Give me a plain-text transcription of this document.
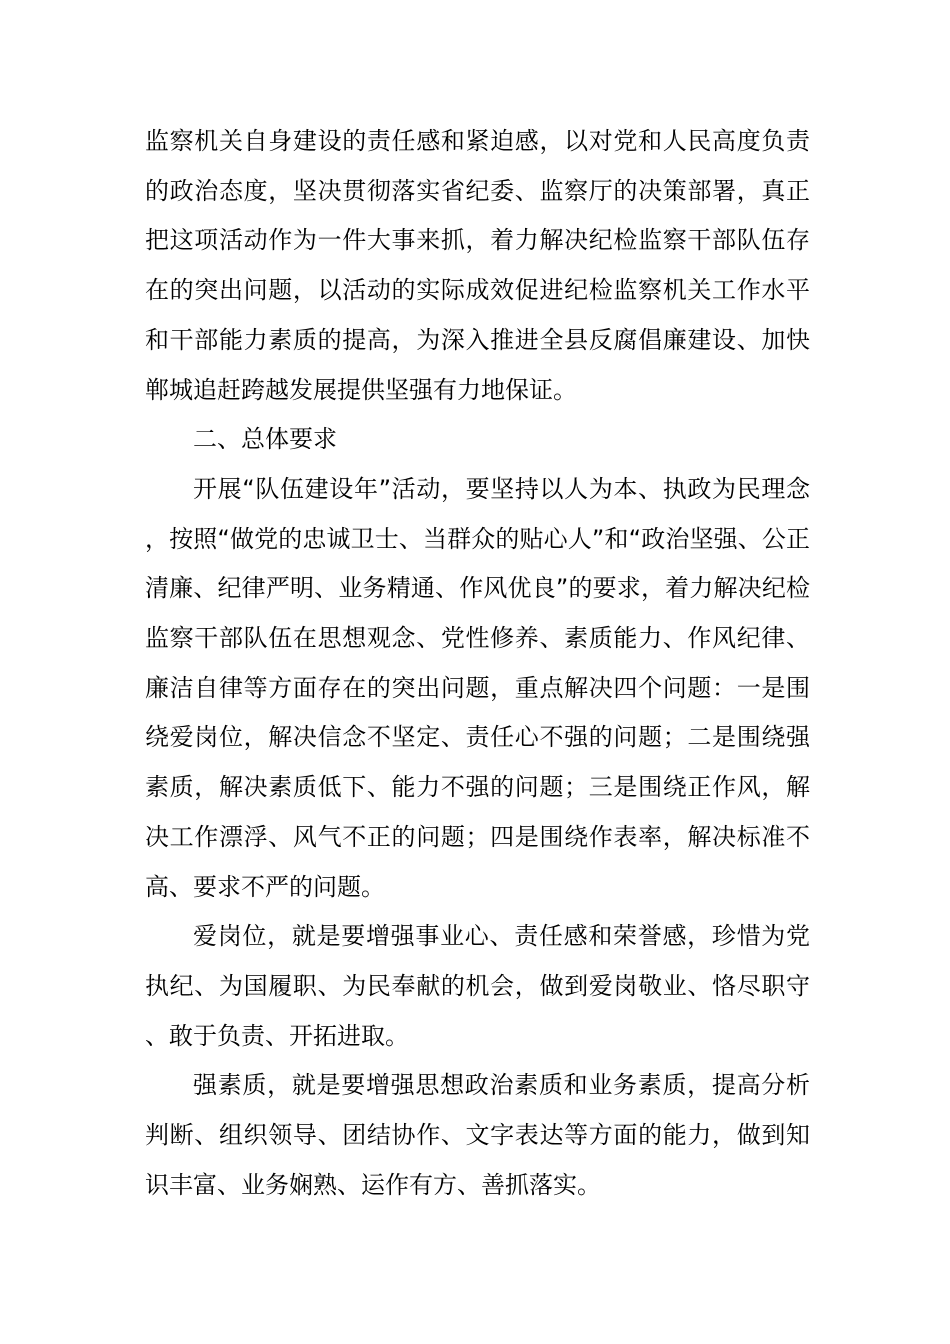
监察机关自身建设的责任感和紧迫感，以对党和人民高度负责的政治态度，坚决贯彻落实省纪委、监察厅的决策部署，真正把这项活动作为一件大事来抓，着力解决纪检监察干部队伍存在的突出问题，以活动的实际成效促进纪检监察机关工作水平和干部能力素质的提高，为深入推进全县反腐倡廉建设、加快郸城追赶跨越发展提供坚强有力地保证。

二、总体要求

开展“队伍建设年”活动，要坚持以人为本、执政为民理念，按照“做党的忠诚卫士、当群众的贴心人”和“政治坚强、公正清廉、纪律严明、业务精通、作风优良”的要求，着力解决纪检监察干部队伍在思想观念、党性修养、素质能力、作风纪律、廉洁自律等方面存在的突出问题，重点解决四个问题：一是围绕爱岗位，解决信念不坚定、责任心不强的问题；二是围绕强素质，解决素质低下、能力不强的问题；三是围绕正作风，解决工作漂浮、风气不正的问题；四是围绕作表率，解决标准不高、要求不严的问题。

爱岗位，就是要增强事业心、责任感和荣誉感，珍惜为党执纪、为国履职、为民奉献的机会，做到爱岗敬业、恪尽职守、敢于负责、开拓进取。

强素质，就是要增强思想政治素质和业务素质，提高分析判断、组织领导、团结协作、文字表达等方面的能力，做到知识丰富、业务娴熟、运作有方、善抓落实。
